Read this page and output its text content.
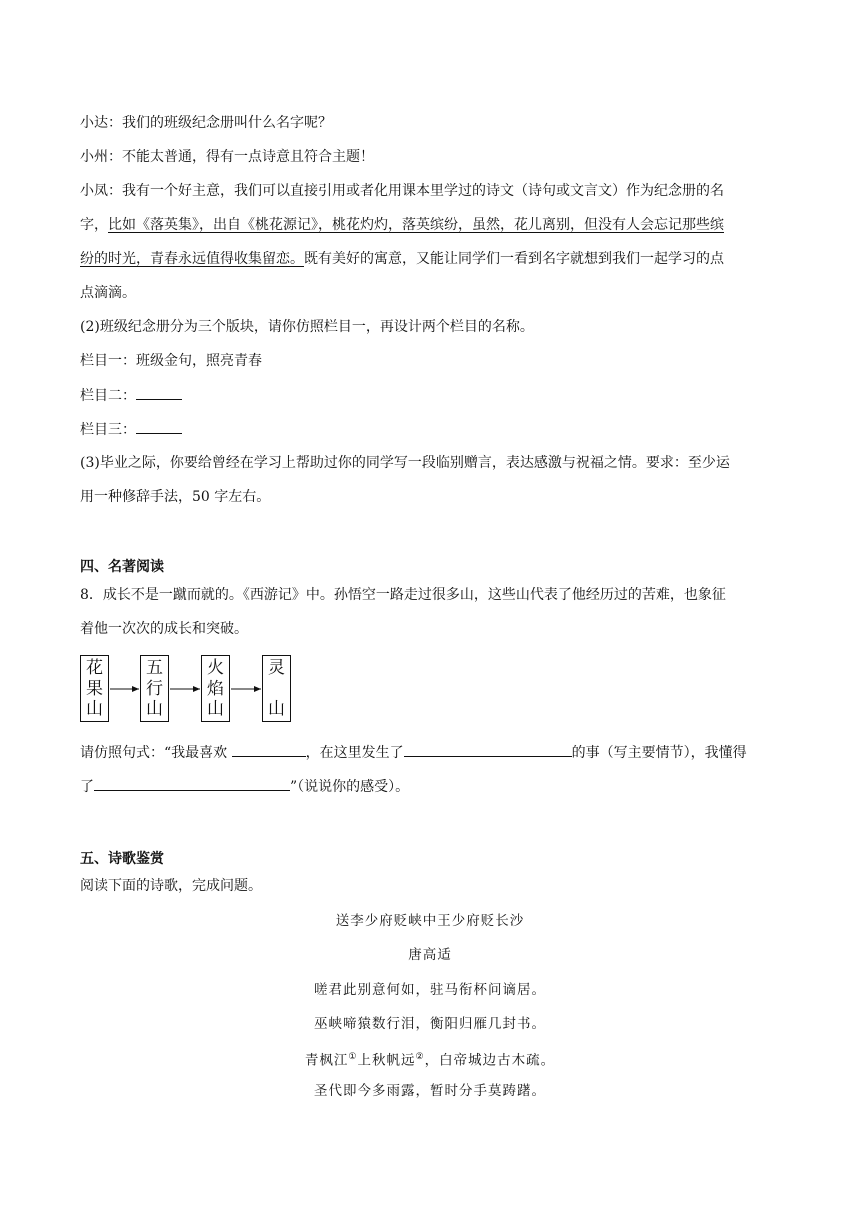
小达：我们的班级纪念册叫什么名字呢？
小州：不能太普通，得有一点诗意且符合主题！
小凤：我有一个好主意，我们可以直接引用或者化用课本里学过的诗文（诗句或文言文）作为纪念册的名
字，比如《落英集》，出自《桃花源记》，桃花灼灼，落英缤纷，虽然，花儿离别，但没有人会忘记那些缤
纷的时光，青春永远值得收集留恋。既有美好的寓意，又能让同学们一看到名字就想到我们一起学习的点
点滴滴。
(2)班级纪念册分为三个版块，请你仿照栏目一，再设计两个栏目的名称。
栏目一：班级金句，照亮青春
栏目二：
栏目三：
(3)毕业之际，你要给曾经在学习上帮助过你的同学写一段临别赠言，表达感激与祝福之情。要求：至少运
用一种修辞手法，50 字左右。
四、名著阅读
8．成长不是一蹴而就的。《西游记》中。孙悟空一路走过很多山，这些山代表了他经历过的苦难，也象征
着他一次次的成长和突破。
花
果
山
五
行
山
火
焰
山
灵
山
请仿照句式：“我最喜欢	，在这里发生了	的事（写主要情节），我懂得
了	”（说说你的感受）。
五、诗歌鉴赏
阅读下面的诗歌，完成问题。
送李少府贬峡中王少府贬长沙
唐高适
嗟君此别意何如，驻马衔杯问谪居。
巫峡啼猿数行泪，衡阳归雁几封书。
青枫江①上秋帆远②，白帝城边古木疏。
圣代即今多雨露，暂时分手莫踌躇。
